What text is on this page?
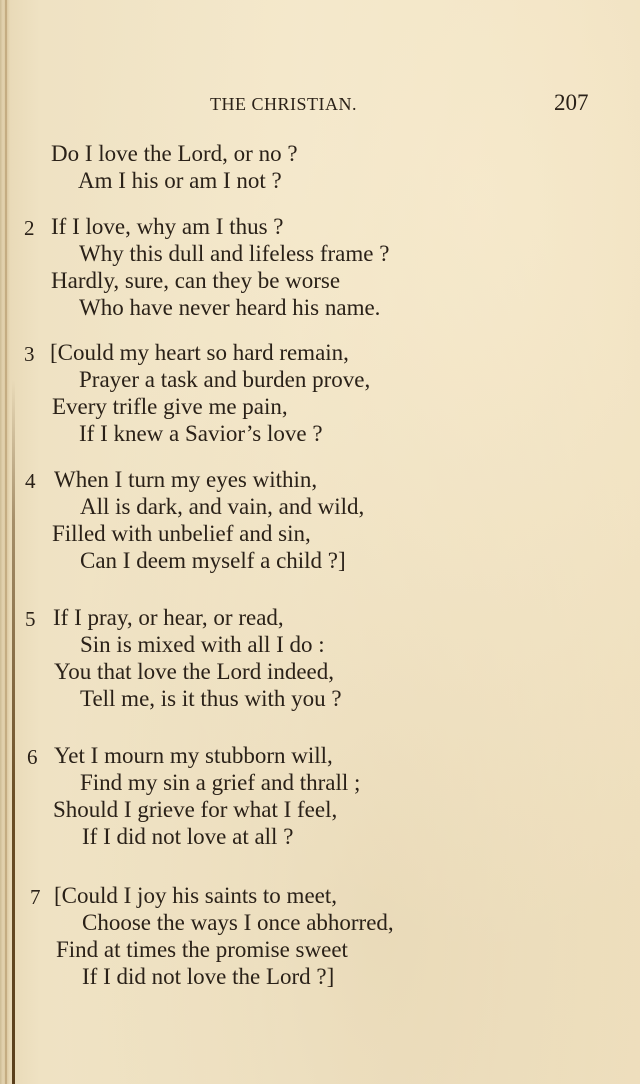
THE CHRISTIAN.	207
Do I love the Lord, or no ?
Am I his or am I not ?
2 If I love, why am I thus ?
Why this dull and lifeless frame ?
Hardly, sure, can they be worse
Who have never heard his name.
3 [Could my heart so hard remain,
Prayer a task and burden prove,
Every trifle give me pain,
If I knew a Savior’s love ?
4 When I turn my eyes within,
All is dark, and vain, and wild,
Filled with unbelief and sin,
Can I deem myself a child ?]
5 If I pray, or hear, or read,
Sin is mixed with all I do :
You that love the Lord indeed,
Tell me, is it thus with you ?
6 Yet I mourn my stubborn will,
Find my sin a grief and thrall ;
Should I grieve for what I feel,
If I did not love at all ?
7 [Could I joy his saints to meet,
Choose the ways I once abhorred,
Find at times the promise sweet
If I did not love the Lord ?]
